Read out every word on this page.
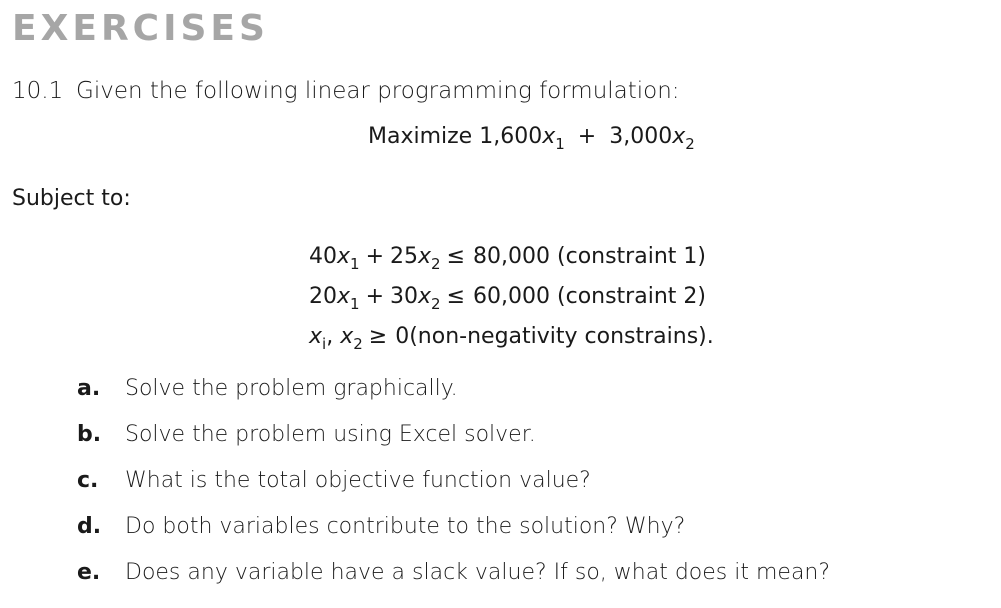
EXERCISES
10.1 Given the following linear programming formulation:
Maximize $1,600x_1 + 3,000x_2$
Subject to:
$40x_1 + 25x_2 \le 80,000$ (constraint 1)
$20x_1 + 30x_2 \le 60,000$ (constraint 2)
$x_i$, $x_2$ ≥ 0(non-negativity constrains).
a. Solve the problem graphically.
b. Solve the problem using Excel solver.
c. What is the total objective function value?
d. Do both variables contribute to the solution? Why?
e. Does any variable have a slack value? If so, what does it mean?
